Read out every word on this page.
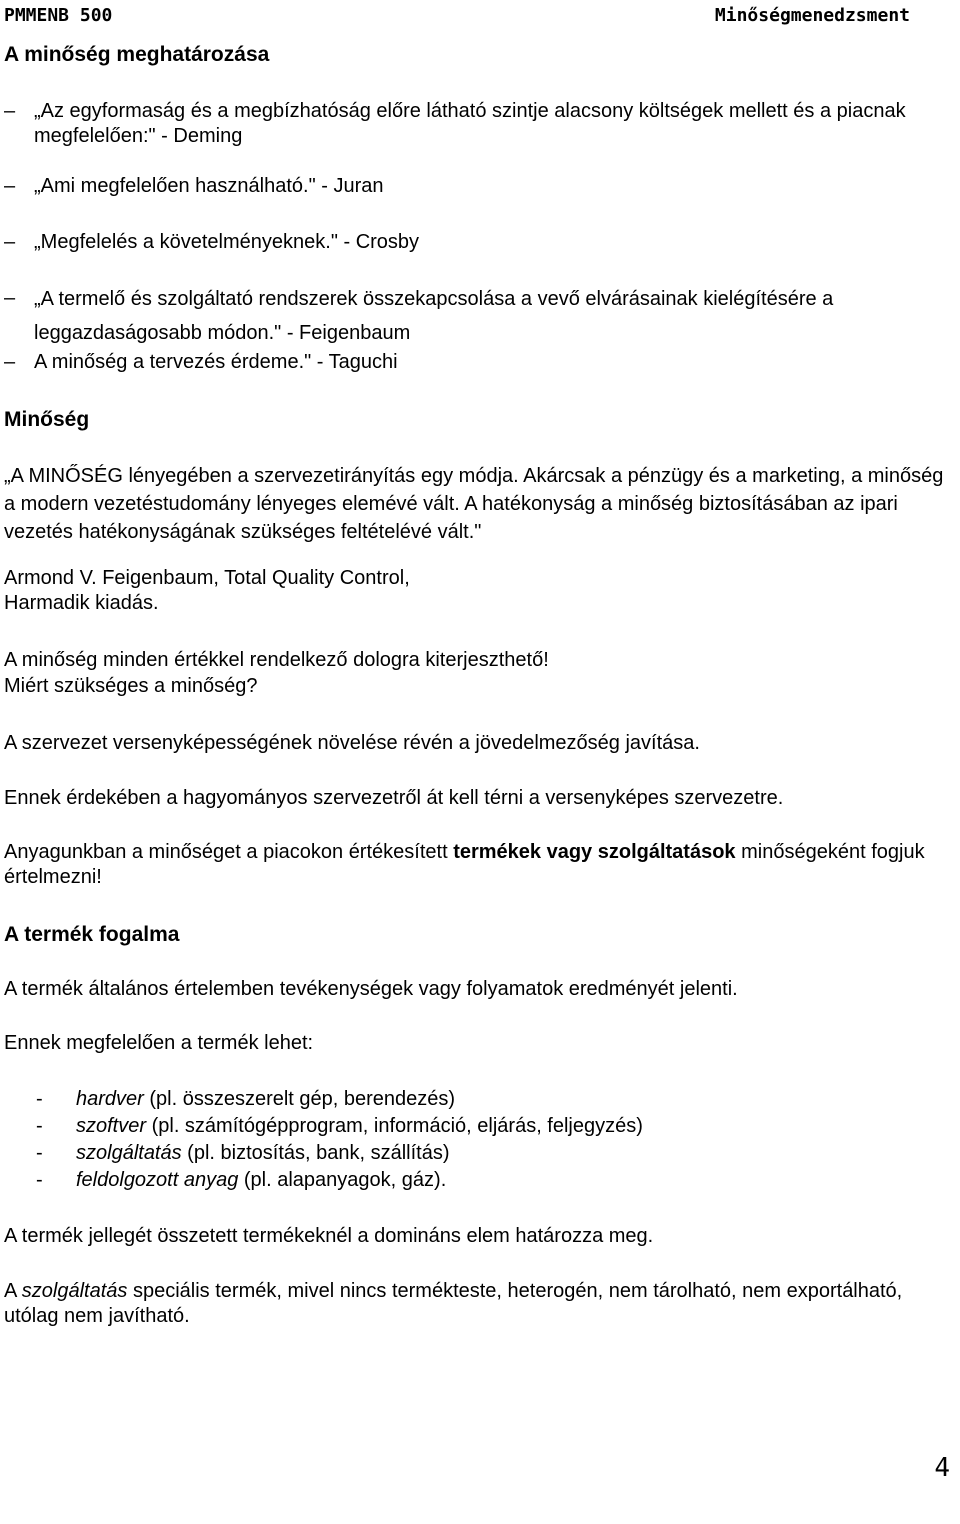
PMMENB 500	Minőségmenedzsment
A minőség meghatározása
– „Az egyformaság és a megbízhatóság előre látható szintje alacsony költségek mellett és a piacnak megfelelően:" - Deming
– „Ami megfelelően használható." - Juran
– „Megfelelés a követelményeknek." - Crosby
– „A termelő és szolgáltató rendszerek összekapcsolása a vevő elvárásainak kielégítésére a leggazdaságosabb módon." - Feigenbaum
– A minőség a tervezés érdeme." - Taguchi
Minőség
„A MINŐSÉG lényegében a szervezetirányítás egy módja. Akárcsak a pénzügy és a marketing, a minőség a modern vezetéstudomány lényeges elemévé vált. A hatékonyság a minőség biztosításában az ipari vezetés hatékonyságának szükséges feltételévé vált."
Armond V. Feigenbaum, Total Quality Control,
Harmadik kiadás.
A minőség minden értékkel rendelkező dologra kiterjeszthető!
Miért szükséges a minőség?
A szervezet versenyképességének növelése révén a jövedelmezőség javítása.
Ennek érdekében a hagyományos szervezetről át kell térni a versenyképes szervezetre.
Anyagunkban a minőséget a piacokon értékesített termékek vagy szolgáltatások minőségeként fogjuk értelmezni!
A termék fogalma
A termék általános értelemben tevékenységek vagy folyamatok eredményét jelenti.
Ennek megfelelően a termék lehet:
- hardver (pl. összeszerelt gép, berendezés)
- szoftver (pl. számítógépprogram, információ, eljárás, feljegyzés)
- szolgáltatás (pl. biztosítás, bank, szállítás)
- feldolgozott anyag (pl. alapanyagok, gáz).
A termék jellegét összetett termékeknél a domináns elem határozza meg.
A szolgáltatás speciális termék, mivel nincs termékteste, heterogén, nem tárolható, nem exportálható, utólag nem javítható.
4
